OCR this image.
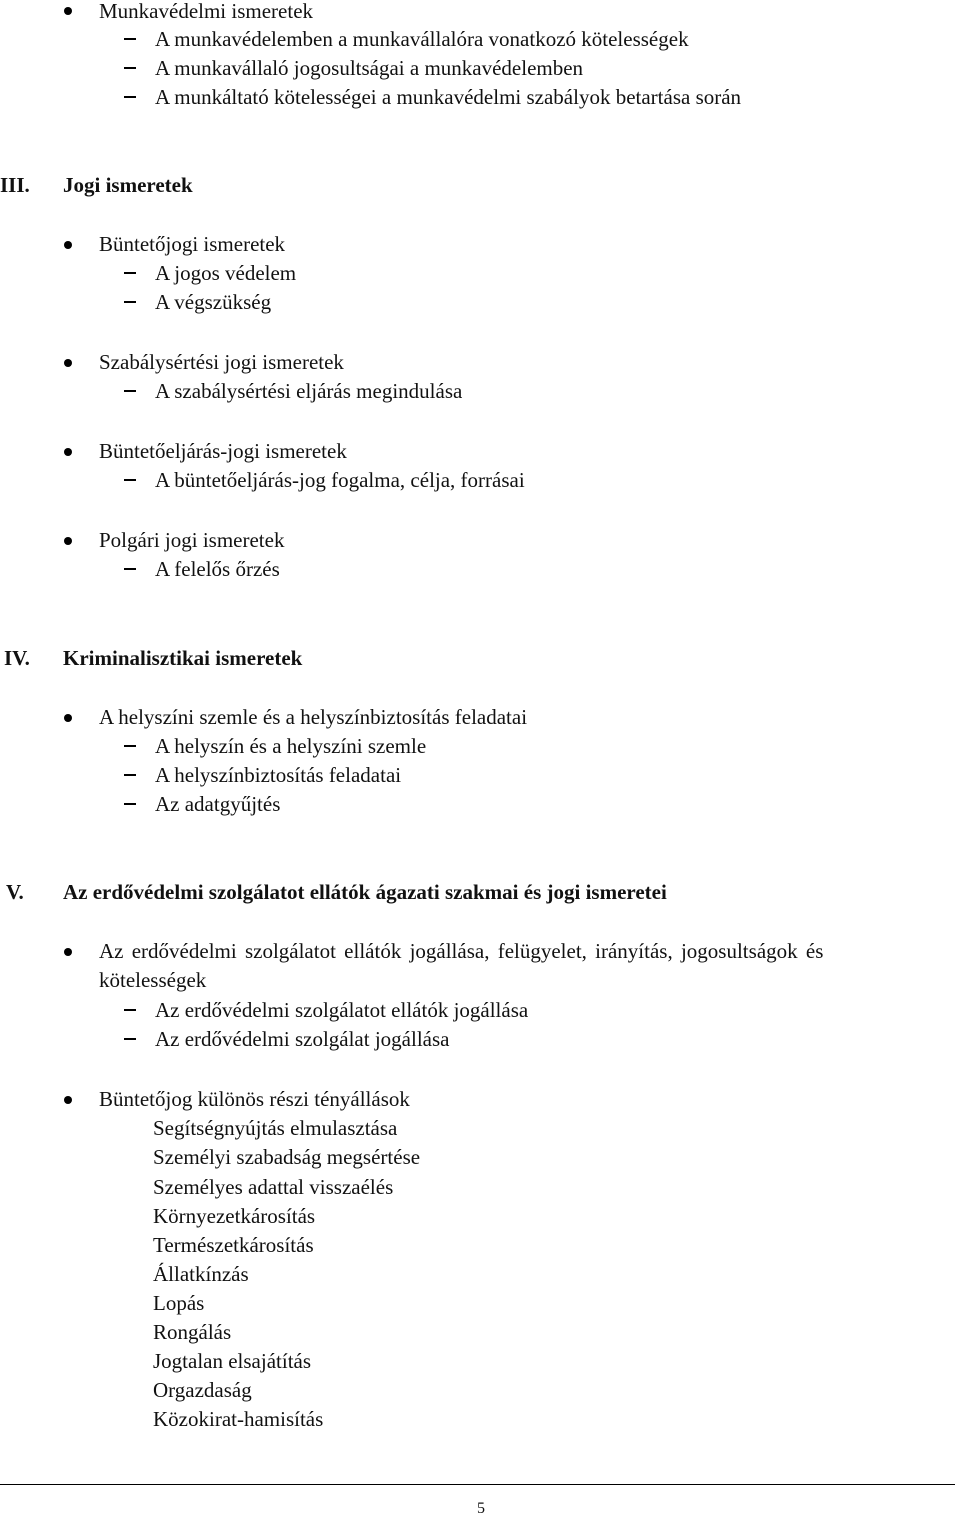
Munkavédelmi ismeretek
A munkavédelemben a munkavállalóra vonatkozó kötelességek
A munkavállaló jogosultságai a munkavédelemben
A munkáltató kötelességei a munkavédelmi szabályok betartása során
III. Jogi ismeretek
Büntetőjogi ismeretek
A jogos védelem
A végszükség
Szabálysértési jogi ismeretek
A szabálysértési eljárás megindulása
Büntetőeljárás-jogi ismeretek
A büntetőeljárás-jog fogalma, célja, forrásai
Polgári jogi ismeretek
A felelős őrzés
IV. Kriminalisztikai ismeretek
A helyszíni szemle és a helyszínbiztosítás feladatai
A helyszín és a helyszíni szemle
A helyszínbiztosítás feladatai
Az adatgyűjtés
V. Az erdővédelmi szolgálatot ellátók ágazati szakmai és jogi ismeretei
Az erdővédelmi szolgálatot ellátók jogállása, felügyelet, irányítás, jogosultságok és
kötelességek
Az erdővédelmi szolgálatot ellátók jogállása
Az erdővédelmi szolgálat jogállása
Büntetőjog különös részi tényállások
Segítségnyújtás elmulasztása
Személyi szabadság megsértése
Személyes adattal visszaélés
Környezetkárosítás
Természetkárosítás
Állatkínzás
Lopás
Rongálás
Jogtalan elsajátítás
Orgazdaság
Közokirat-hamisítás
5
